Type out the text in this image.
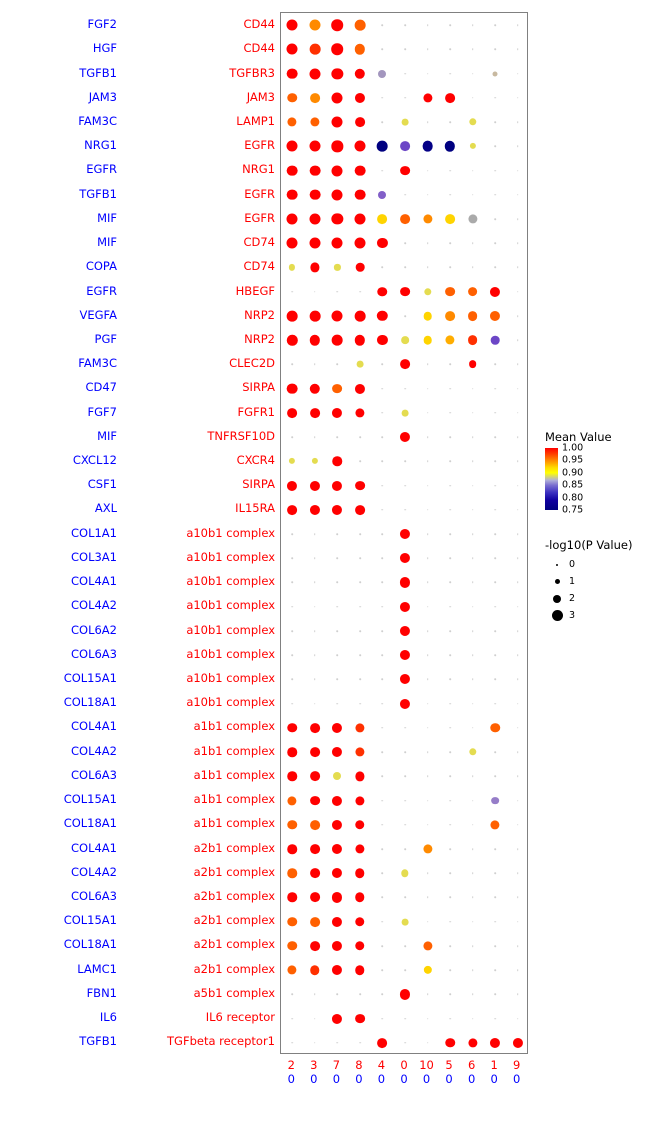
FGF2	CD44
HGF	CD44
TGFB1	TGFBR3
JAM3	JAM3
FAM3C	LAMP1
NRG1	EGFR
EGFR	NRG1
TGFB1	EGFR
MIF	EGFR
MIF	CD74
COPA	CD74
EGFR	HBEGF
VEGFA	NRP2
PGF	NRP2
FAM3C	CLEC2D
CD47	SIRPA
FGF7	FGFR1
MIF	TNFRSF10D
CXCL12	CXCR4
CSF1	SIRPA
AXL	IL15RA
COL1A1	a10b1 complex
COL3A1	a10b1 complex
COL4A1	a10b1 complex
COL4A2	a10b1 complex
COL6A2	a10b1 complex
COL6A3	a10b1 complex
COL15A1	a10b1 complex
COL18A1	a10b1 complex
COL4A1	a1b1 complex
COL4A2	a1b1 complex
COL6A3	a1b1 complex
COL15A1	a1b1 complex
COL18A1	a1b1 complex
COL4A1	a2b1 complex
COL4A2	a2b1 complex
COL6A3	a2b1 complex
COL15A1	a2b1 complex
COL18A1	a2b1 complex
LAMC1	a2b1 complex
FBN1	a5b1 complex
IL6	IL6 receptor
TGFB1	TGFbeta receptor1
2
0
3
0
7
0
8
0
4
0
0
0
10
0
5
0
6
0
1
0
9
0
Mean Value
1.00
0.95
0.90
0.85
0.80
0.75
-log10(P Value)
0
1
2
3
